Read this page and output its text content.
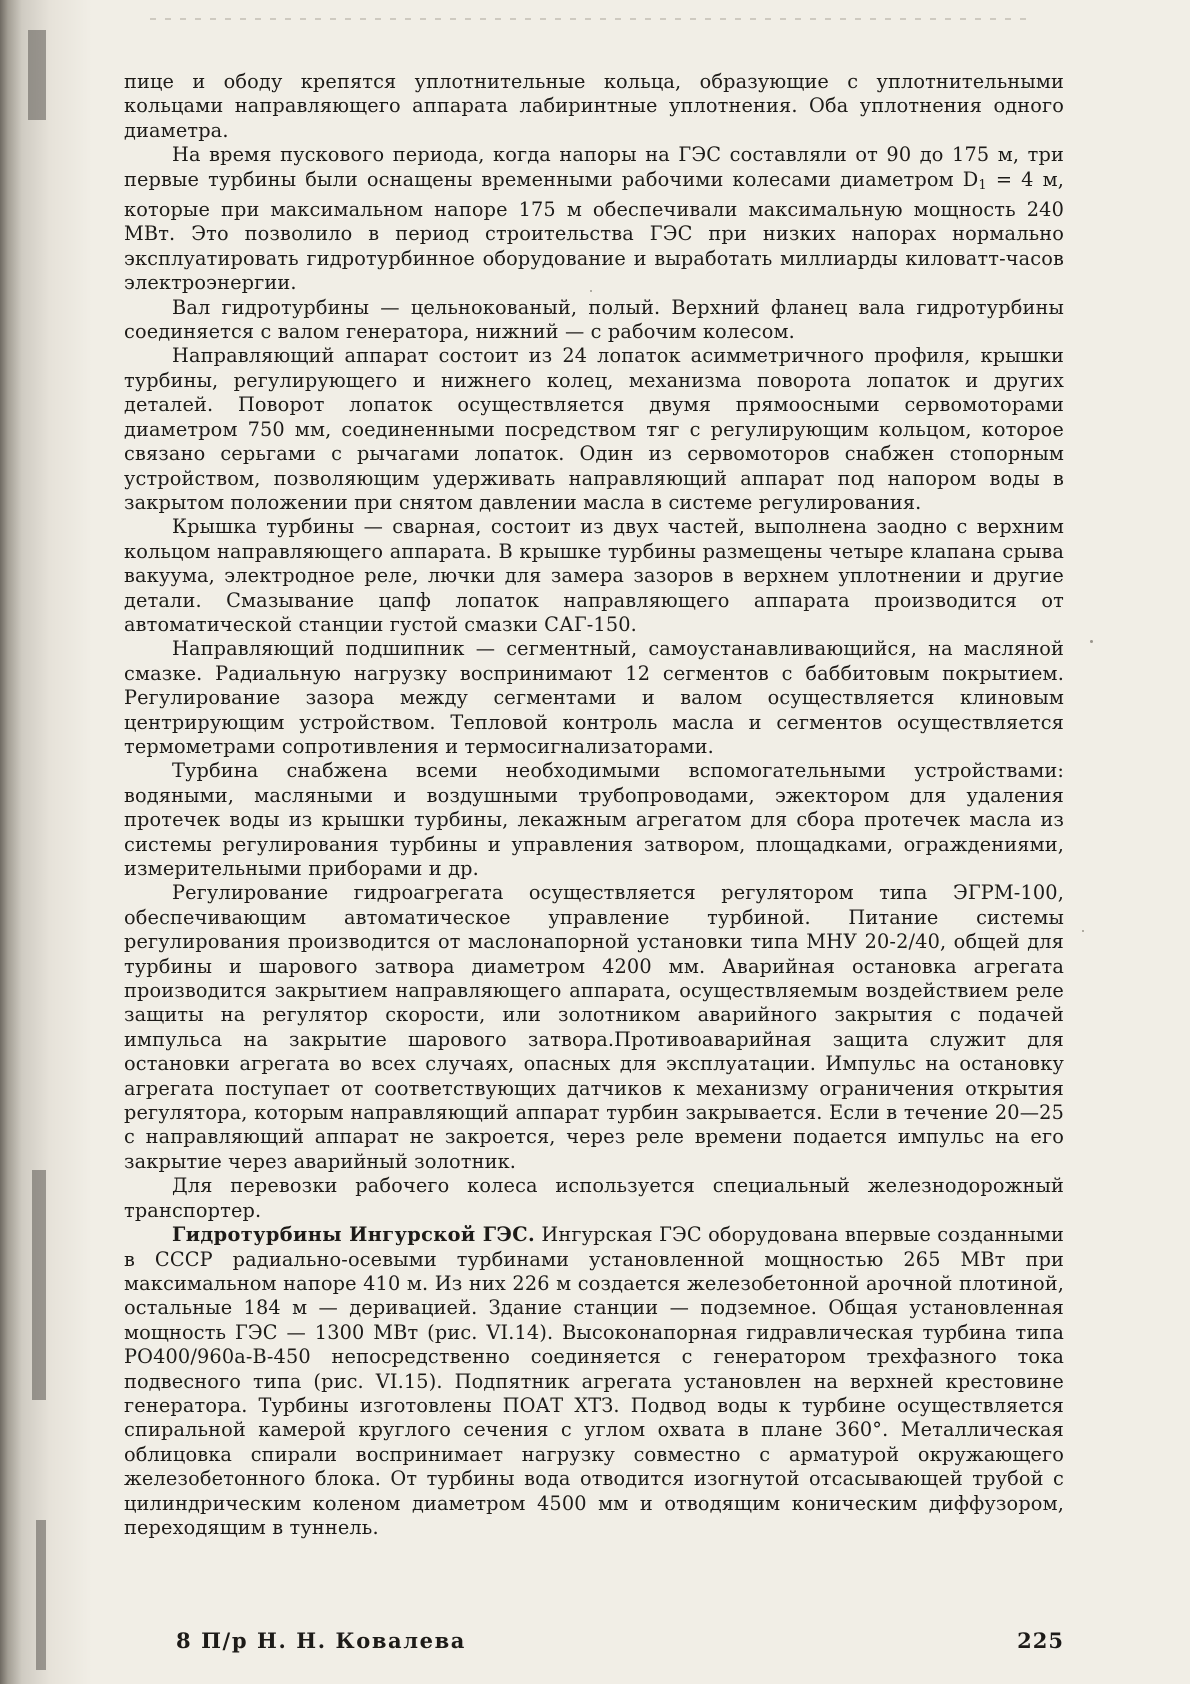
пице и ободу крепятся уплотнительные кольца, образующие с уплотнительными кольцами направляющего аппарата лабиринтные уплотнения. Оба уплотнения одного диаметра.

На время пускового периода, когда напоры на ГЭС составляли от 90 до 175 м, три первые турбины были оснащены временными рабочими колесами диаметром $D_1 = 4$ м, которые при максимальном напоре 175 м обеспечивали максимальную мощность 240 МВт. Это позволило в период строительства ГЭС при низких напорах нормально эксплуатировать гидротурбинное оборудование и выработать миллиарды киловатт-часов электроэнергии.

Вал гидротурбины — цельнокованый, полый. Верхний фланец вала гидротурбины соединяется с валом генератора, нижний — с рабочим колесом.

Направляющий аппарат состоит из 24 лопаток асимметричного профиля, крышки турбины, регулирующего и нижнего колец, механизма поворота лопаток и других деталей. Поворот лопаток осуществляется двумя прямоосными сервомоторами диаметром 750 мм, соединенными посредством тяг с регулирующим кольцом, которое связано серьгами с рычагами лопаток. Один из сервомоторов снабжен стопорным устройством, позволяющим удерживать направляющий аппарат под напором воды в закрытом положении при снятом давлении масла в системе регулирования.

Крышка турбины — сварная, состоит из двух частей, выполнена заодно с верхним кольцом направляющего аппарата. В крышке турбины размещены четыре клапана срыва вакуума, электродное реле, лючки для замера зазоров в верхнем уплотнении и другие детали. Смазывание цапф лопаток направляющего аппарата производится от автоматической станции густой смазки САГ-150.

Направляющий подшипник — сегментный, самоустанавливающийся, на масляной смазке. Радиальную нагрузку воспринимают 12 сегментов с баббитовым покрытием. Регулирование зазора между сегментами и валом осуществляется клиновым центрирующим устройством. Тепловой контроль масла и сегментов осуществляется термометрами сопротивления и термосигнализаторами.

Турбина снабжена всеми необходимыми вспомогательными устройствами: водяными, масляными и воздушными трубопроводами, эжектором для удаления протечек воды из крышки турбины, лекажным агрегатом для сбора протечек масла из системы регулирования турбины и управления затвором, площадками, ограждениями, измерительными приборами и др.

Регулирование гидроагрегата осуществляется регулятором типа ЭГРМ-100, обеспечивающим автоматическое управление турбиной. Питание системы регулирования производится от маслонапорной установки типа МНУ 20-2/40, общей для турбины и шарового затвора диаметром 4200 мм. Аварийная остановка агрегата производится закрытием направляющего аппарата, осуществляемым воздействием реле защиты на регулятор скорости, или золотником аварийного закрытия с подачей импульса на закрытие шарового затвора.Противоаварийная защита служит для остановки агрегата во всех случаях, опасных для эксплуатации. Импульс на остановку агрегата поступает от соответствующих датчиков к механизму ограничения открытия регулятора, которым направляющий аппарат турбин закрывается. Если в течение 20—25 с направляющий аппарат не закроется, через реле времени подается импульс на его закрытие через аварийный золотник.

Для перевозки рабочего колеса используется специальный железнодорожный транспортер.

Гидротурбины Ингурской ГЭС. Ингурская ГЭС оборудована впервые созданными в СССР радиально-осевыми турбинами установленной мощностью 265 МВт при максимальном напоре 410 м. Из них 226 м создается железобетонной арочной плотиной, остальные 184 м — деривацией. Здание станции — подземное. Общая установленная мощность ГЭС — 1300 МВт (рис. VI.14). Высоконапорная гидравлическая турбина типа РО400/960а-В-450 непосредственно соединяется с генератором трехфазного тока подвесного типа (рис. VI.15). Подпятник агрегата установлен на верхней крестовине генератора. Турбины изготовлены ПОАТ ХТЗ. Подвод воды к турбине осуществляется спиральной камерой круглого сечения с углом охвата в плане 360°. Металлическая облицовка спирали воспринимает нагрузку совместно с арматурой окружающего железобетонного блока. От турбины вода отводится изогнутой отсасывающей трубой с цилиндрическим коленом диаметром 4500 мм и отводящим коническим диффузором, переходящим в туннель.

8 П/р Н. Н. Ковалева	225
